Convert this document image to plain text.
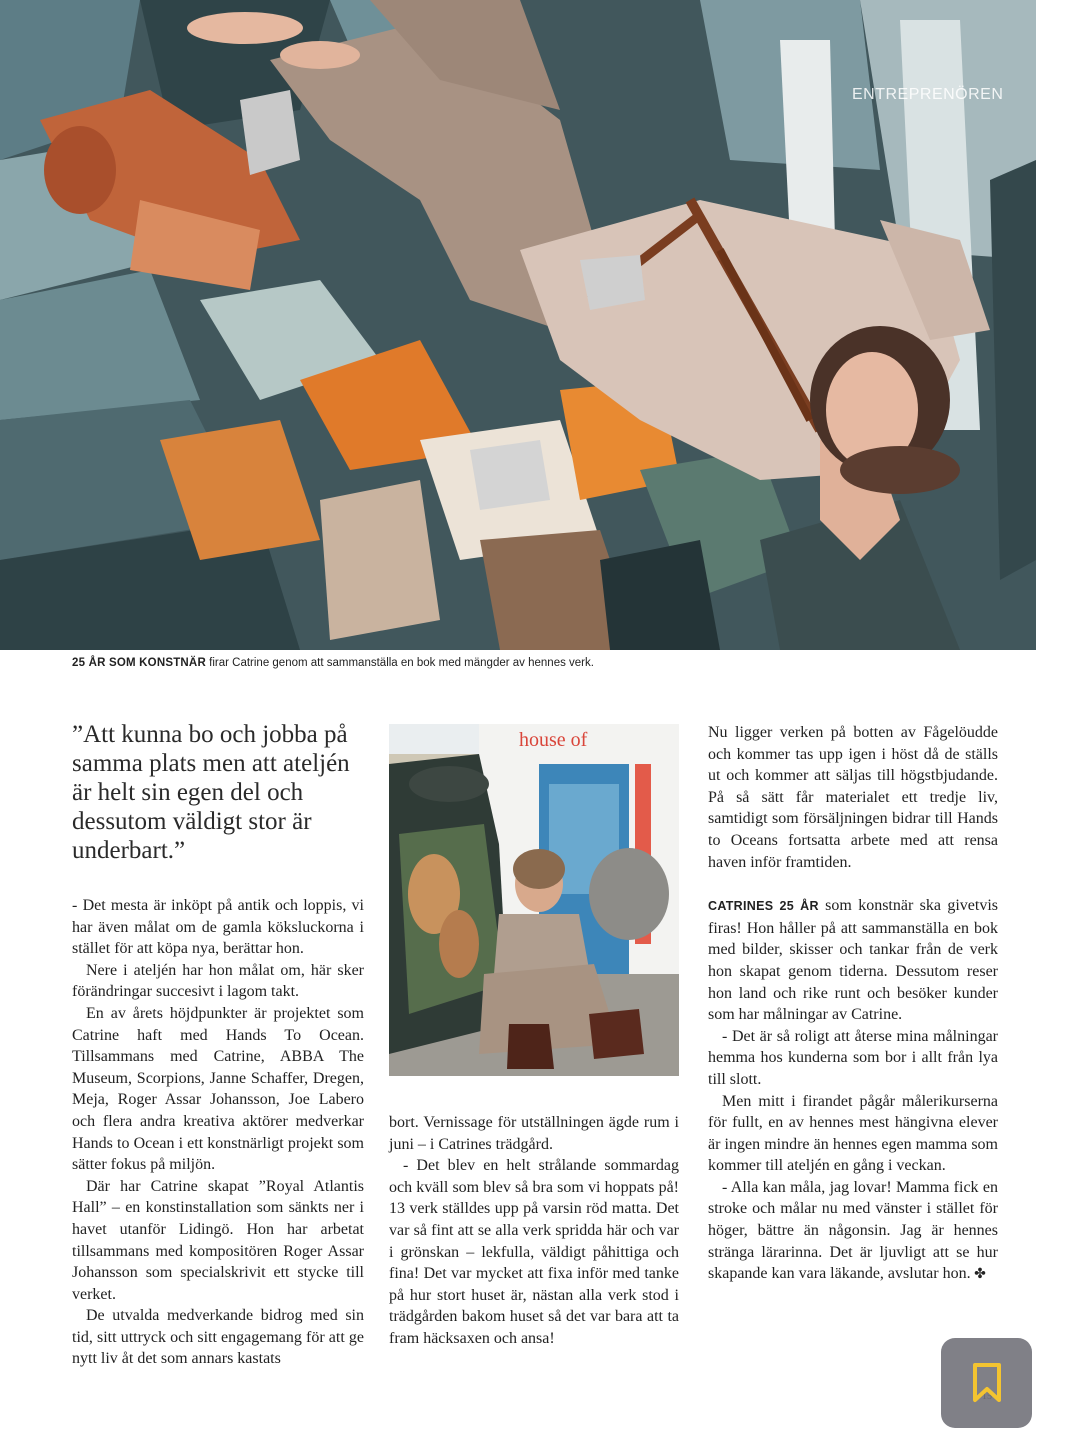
ENTREPRENÖREN
25 ÅR SOM KONSTNÄR firar Catrine genom att sammanställa en bok med mängder av hennes verk.

”Att kunna bo och jobba på samma plats men att ateljén är helt sin egen del och dessutom väldigt stor är underbart.”

- Det mesta är inköpt på antik och loppis, vi har även målat om de gamla köksluckorna i stället för att köpa nya, berättar hon.

Nere i ateljén har hon målat om, här sker förändringar succesivt i lagom takt.

En av årets höjdpunkter är projektet som Catrine haft med Hands To Ocean. Tillsammans med Catrine, ABBA The Museum, Scorpions, Janne Schaffer, Dregen, Meja, Roger Assar Johansson, Joe Labero och flera andra kreativa aktörer medverkar Hands to Ocean i ett konstnärligt projekt som sätter fokus på miljön.

Där har Catrine skapat ”Royal Atlantis Hall” – en konstinstallation som sänkts ner i havet utanför Lidingö. Hon har arbetat tillsammans med kompositören Roger Assar Johansson som specialskrivit ett stycke till verket.

De utvalda medverkande bidrog med sin tid, sitt uttryck och sitt engagemang för att ge nytt liv åt det som annars kastats

house of

bort. Vernissage för utställningen ägde rum i juni – i Catrines trädgård.

- Det blev en helt strålande sommardag och kväll som blev så bra som vi hoppats på! 13 verk ställdes upp på varsin röd matta. Det var så fint att se alla verk spridda här och var i grönskan – lekfulla, väldigt påhittiga och fina! Det var mycket att fixa inför med tanke på hur stort huset är, nästan alla verk stod i trädgården bakom huset så det var bara att ta fram häcksaxen och ansa!

Nu ligger verken på botten av Fågelöudde och kommer tas upp igen i höst då de ställs ut och kommer att säljas till högstbjudande. På så sätt får materialet ett tredje liv, samtidigt som försäljningen bidrar till Hands to Oceans fortsatta arbete med att rensa haven inför framtiden.

CATRINES 25 ÅR som konstnär ska givetvis firas! Hon håller på att sammanställa en bok med bilder, skisser och tankar från de verk hon skapat genom tiderna. Dessutom reser hon land och rike runt och besöker kunder som har målningar av Catrine.

- Det är så roligt att återse mina målningar hemma hos kunderna som bor i allt från lya till slott.

Men mitt i firandet pågår målerikurserna för fullt, en av hennes mest hängivna elever är ingen mindre än hennes egen mamma som kommer till ateljén en gång i veckan.

- Alla kan måla, jag lovar! Mamma fick en stroke och målar nu med vänster i stället för höger, bättre än någonsin. Jag är hennes stränga lärarinna. Det är ljuvligt att se hur skapande kan vara läkande, avslutar hon. ✤
